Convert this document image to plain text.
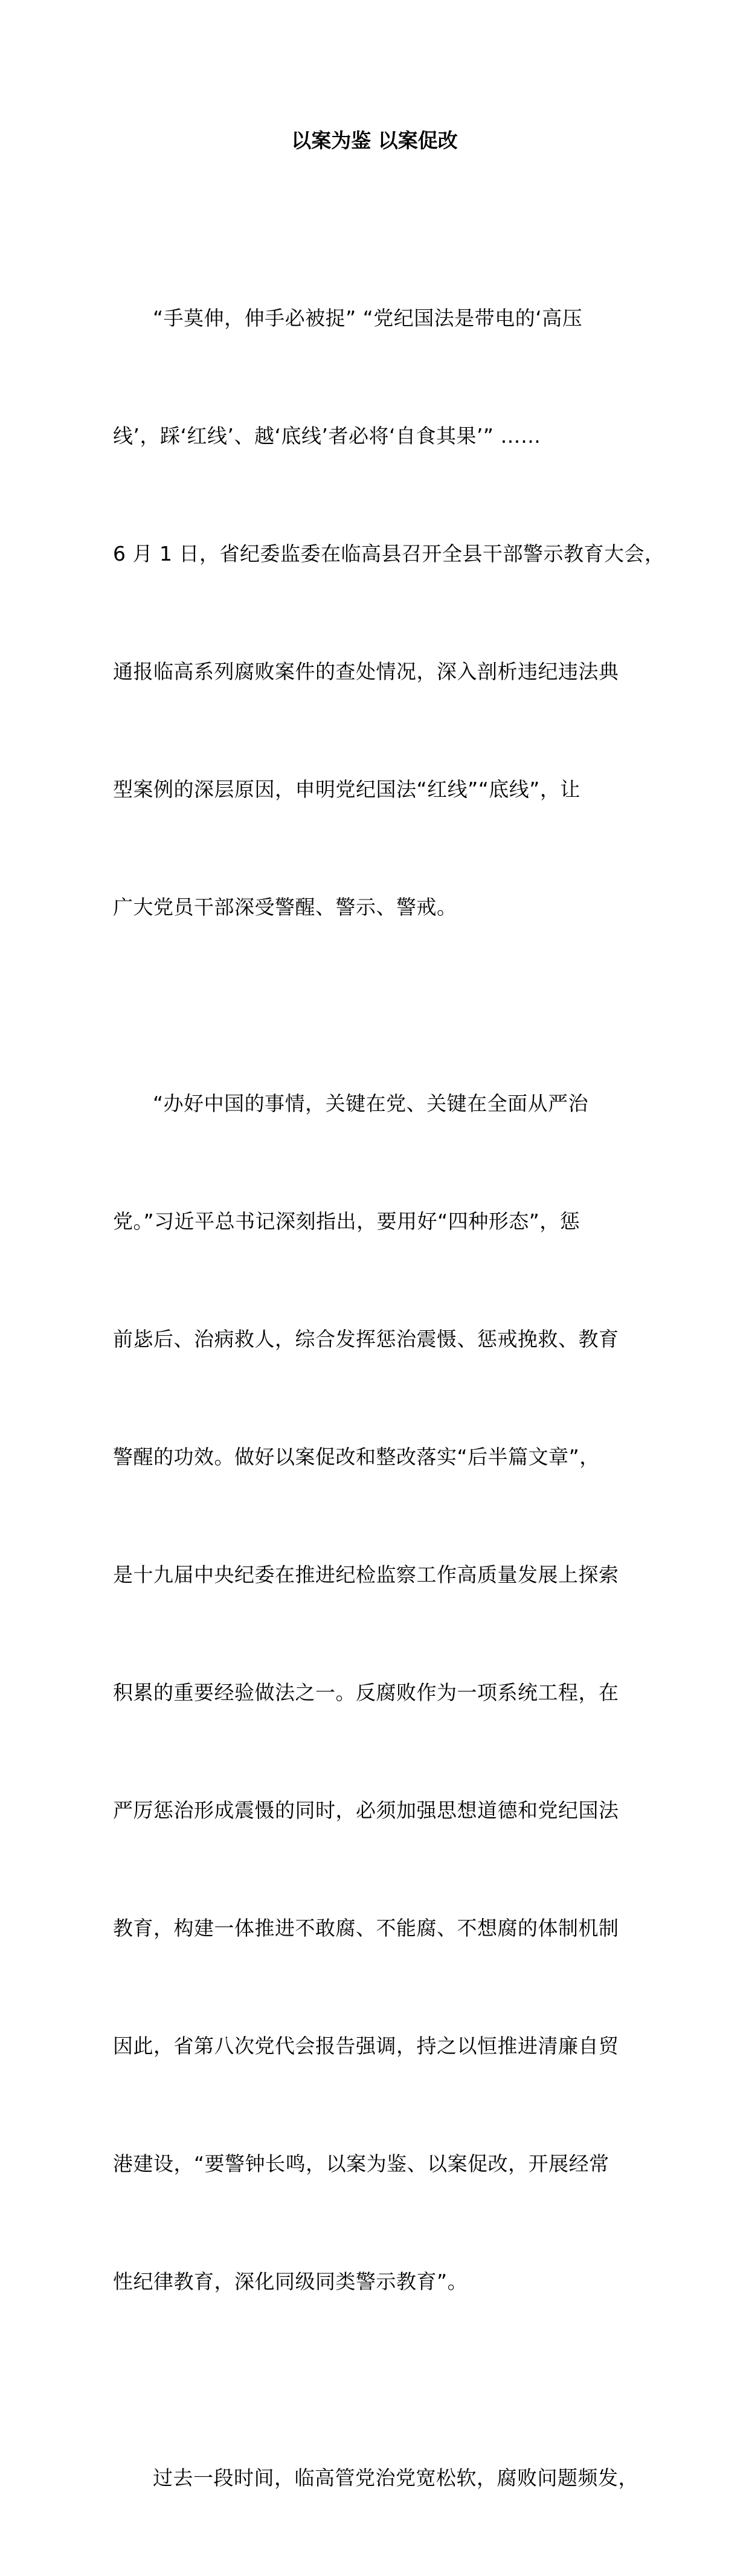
以案为鉴 以案促改

“手莫伸，伸手必被捉” “党纪国法是带电的‘高压

线’，踩‘红线’、越‘底线’者必将‘自食其果’” ……

6 月 1 日，省纪委监委在临高县召开全县干部警示教育大会，

通报临高系列腐败案件的查处情况，深入剖析违纪违法典

型案例的深层原因，申明党纪国法“红线”“底线”，让

广大党员干部深受警醒、警示、警戒。

“办好中国的事情，关键在党、关键在全面从严治

党。”习近平总书记深刻指出，要用好“四种形态”，惩

前毖后、治病救人，综合发挥惩治震慑、惩戒挽救、教育

警醒的功效。做好以案促改和整改落实“后半篇文章”，

是十九届中央纪委在推进纪检监察工作高质量发展上探索

积累的重要经验做法之一。反腐败作为一项系统工程，在

严厉惩治形成震慑的同时，必须加强思想道德和党纪国法

教育，构建一体推进不敢腐、不能腐、不想腐的体制机制

因此，省第八次党代会报告强调，持之以恒推进清廉自贸

港建设，“要警钟长鸣，以案为鉴、以案促改，开展经常

性纪律教育，深化同级同类警示教育”。

过去一段时间，临高管党治党宽松软，腐败问题频发，
